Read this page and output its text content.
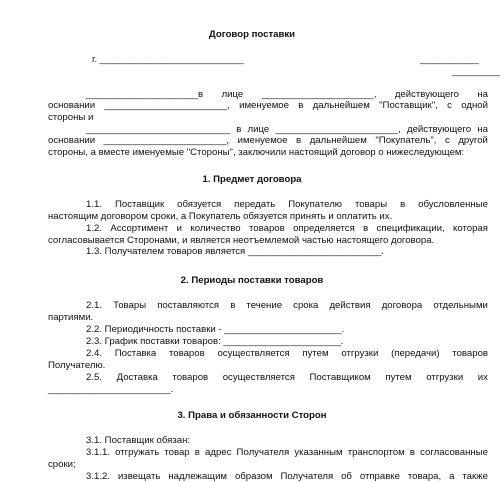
Договор поставки
г. ___________________________	___________
_________
_____________________в лице _____________________, действующего на
основании _______________________, именуемое в дальнейшем "Поставщик", с одной
стороны и
___________________________ в лице _______________________, действующего на
основании _______________________, именуемое в дальнейшем "Покупатель", с другой
стороны, а вместе именуемые "Стороны", заключили настоящий договор о нижеследующем:
1. Предмет договора
1.1. Поставщик обязуется передать Покупателю товары в обусловленные
настоящим договором сроки, а Покупатель обязуется принять и оплатить их.
1.2. Ассортимент и количество товаров определяется в спецификации, которая
согласовывается Сторонами, и является неотъемлемой частью настоящего договора.
1.3. Получателем товаров является _________________________.
2. Периоды поставки товаров
2.1. Товары поставляются в течение срока действия договора отдельными
партиями.
2.2. Периодичность поставки - ______________________.
2.3. График поставки товаров: ______________________.
2.4. Поставка товаров осуществляется путем отгрузки (передачи) товаров
Получателю.
2.5. Доставка товаров осуществляется Поставщиком путем отгрузки их
_______________________.
3. Права и обязанности Сторон
3.1. Поставщик обязан:
3.1.1. отгружать товар в адрес Получателя указанным транспортом в согласованные
сроки;
3.1.2. извещать надлежащим образом Получателя об отправке товара, а также
